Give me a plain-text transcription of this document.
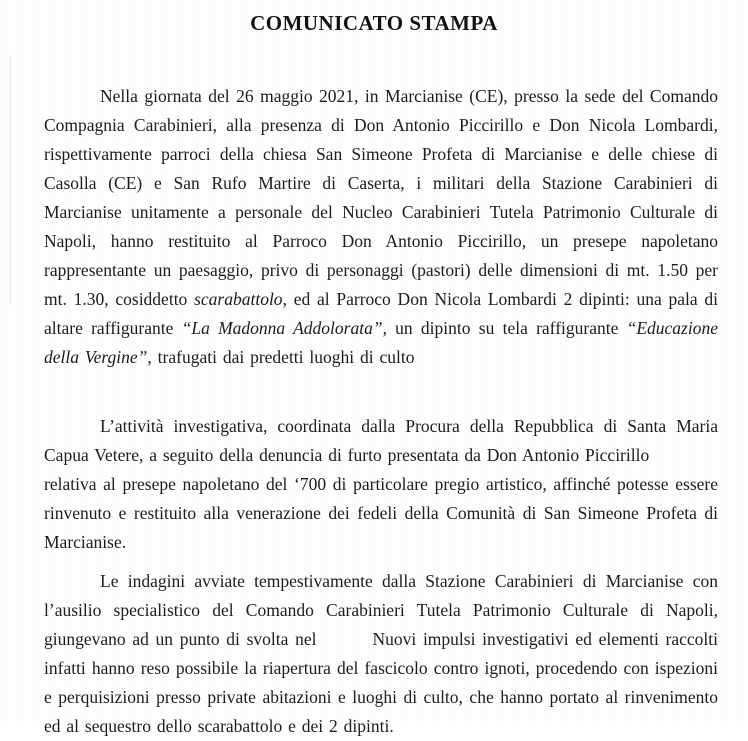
COMUNICATO STAMPA

Nella giornata del 26 maggio 2021, in Marcianise (CE), presso la sede del Comando Compagnia Carabinieri, alla presenza di Don Antonio Piccirillo e Don Nicola Lombardi, rispettivamente parroci della chiesa San Simeone Profeta di Marcianise e delle chiese di Casolla (CE) e San Rufo Martire di Caserta, i militari della Stazione Carabinieri di Marcianise unitamente a personale del Nucleo Carabinieri Tutela Patrimonio Culturale di Napoli, hanno restituito al Parroco Don Antonio Piccirillo, un presepe napoletano rappresentante un paesaggio, privo di personaggi (pastori) delle dimensioni di mt. 1.50 per mt. 1.30, cosiddetto scarabattolo, ed al Parroco Don Nicola Lombardi 2 dipinti: una pala di altare raffigurante “La Madonna Addolorata”, un dipinto su tela raffigurante “Educazione della Vergine”, trafugati dai predetti luoghi di culto

L’attività investigativa, coordinata dalla Procura della Repubblica di Santa Maria Capua Vetere, a seguito della denuncia di furto presentata da Don Antonio Piccirillo
relativa al presepe napoletano del ‘700 di particolare pregio artistico, affinché potesse essere rinvenuto e restituito alla venerazione dei fedeli della Comunità di San Simeone Profeta di Marcianise.

Le indagini avviate tempestivamente dalla Stazione Carabinieri di Marcianise con l’ausilio specialistico del Comando Carabinieri Tutela Patrimonio Culturale di Napoli, giungevano ad un punto di svolta nel	Nuovi impulsi investigativi ed elementi raccolti infatti hanno reso possibile la riapertura del fascicolo contro ignoti, procedendo con ispezioni e perquisizioni presso private abitazioni e luoghi di culto, che hanno portato al rinvenimento ed al sequestro dello scarabattolo e dei 2 dipinti.
